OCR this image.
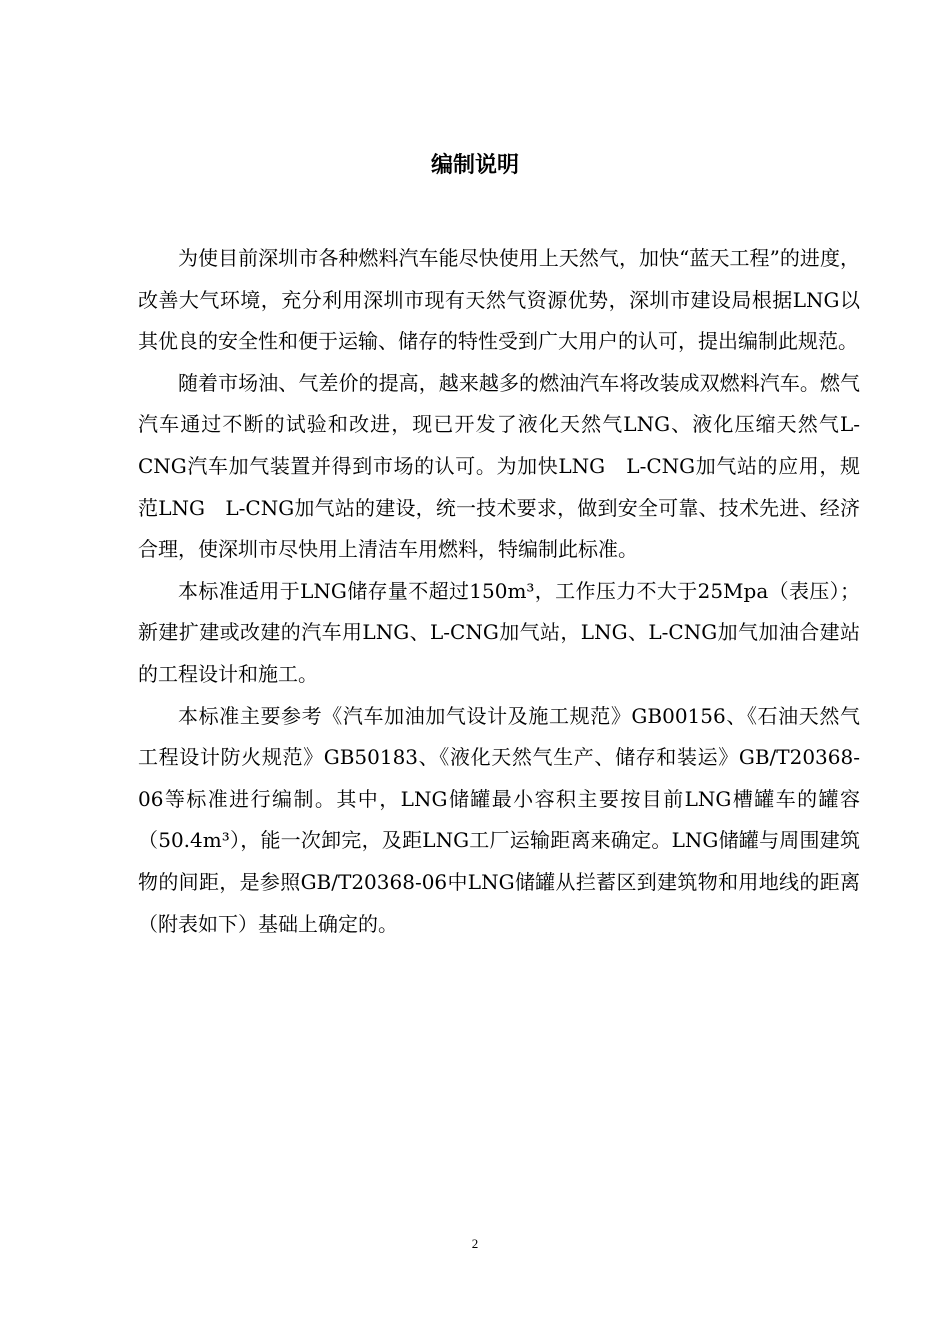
编制说明

为使目前深圳市各种燃料汽车能尽快使用上天然气，加快“蓝天工程”的进度，改善大气环境，充分利用深圳市现有天然气资源优势，深圳市建设局根据LNG以其优良的安全性和便于运输、储存的特性受到广大用户的认可，提出编制此规范。

随着市场油、气差价的提高，越来越多的燃油汽车将改装成双燃料汽车。燃气汽车通过不断的试验和改进，现已开发了液化天然气LNG、液化压缩天然气L-CNG汽车加气装置并得到市场的认可。为加快LNG　L-CNG加气站的应用，规范LNG　L-CNG加气站的建设，统一技术要求，做到安全可靠、技术先进、经济合理，使深圳市尽快用上清洁车用燃料，特编制此标准。

本标准适用于LNG储存量不超过150m³，工作压力不大于25Mpa（表压）；新建扩建或改建的汽车用LNG、L-CNG加气站，LNG、L-CNG加气加油合建站的工程设计和施工。

本标准主要参考《汽车加油加气设计及施工规范》GB00156、《石油天然气工程设计防火规范》GB50183、《液化天然气生产、储存和装运》GB/T20368-06等标准进行编制。其中，LNG储罐最小容积主要按目前LNG槽罐车的罐容（50.4m³），能一次卸完，及距LNG工厂运输距离来确定。LNG储罐与周围建筑物的间距，是参照GB/T20368-06中LNG储罐从拦蓄区到建筑物和用地线的距离（附表如下）基础上确定的。

2
